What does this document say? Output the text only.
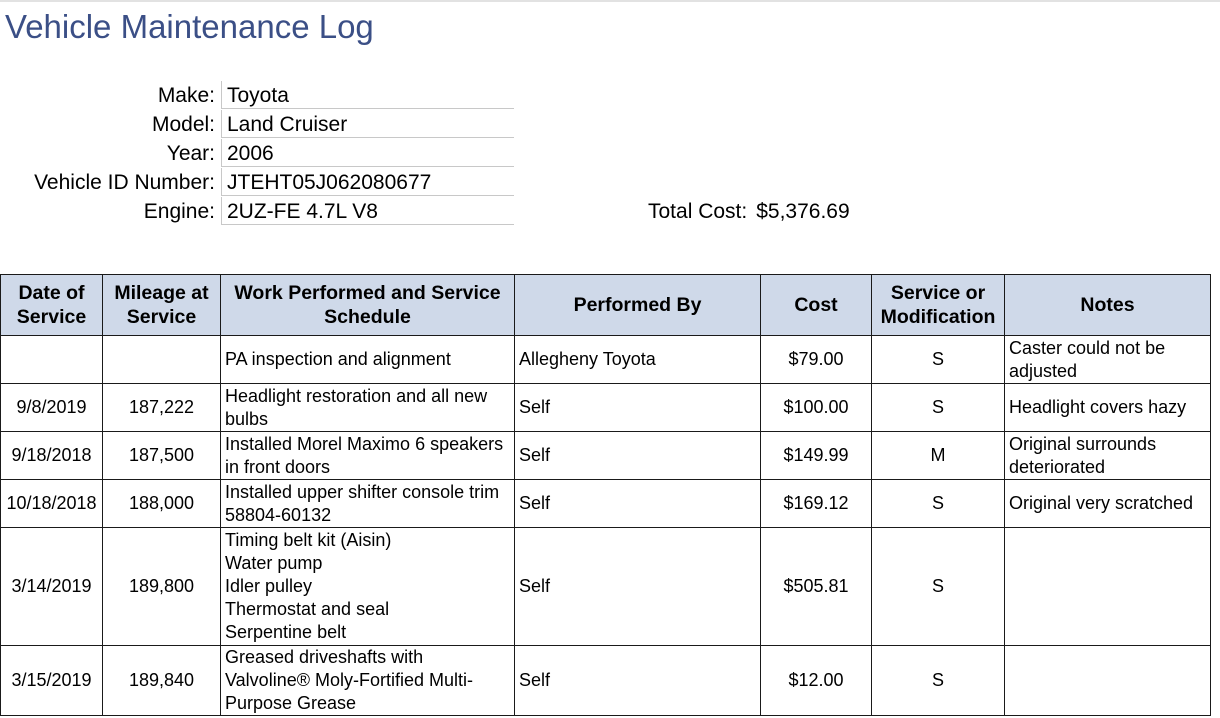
Vehicle Maintenance Log
Make: Toyota
Model: Land Cruiser
Year: 2006
Vehicle ID Number: JTEHT05J062080677
Engine: 2UZ-FE 4.7L V8	Total Cost: $5,376.69
Date of Service	Mileage at Service	Work Performed and Service Schedule	Performed By	Cost	Service or Modification	Notes
		PA inspection and alignment	Allegheny Toyota	$79.00	S	Caster could not be adjusted
9/8/2019	187,222	Headlight restoration and all new bulbs	Self	$100.00	S	Headlight covers hazy
9/18/2018	187,500	Installed Morel Maximo 6 speakers in front doors	Self	$149.99	M	Original surrounds deteriorated
10/18/2018	188,000	Installed upper shifter console trim 58804-60132	Self	$169.12	S	Original very scratched
3/14/2019	189,800	Timing belt kit (Aisin)
Water pump
Idler pulley
Thermostat and seal
Serpentine belt	Self	$505.81	S	
3/15/2019	189,840	Greased driveshafts with Valvoline® Moly-Fortified Multi-Purpose Grease	Self	$12.00	S	
